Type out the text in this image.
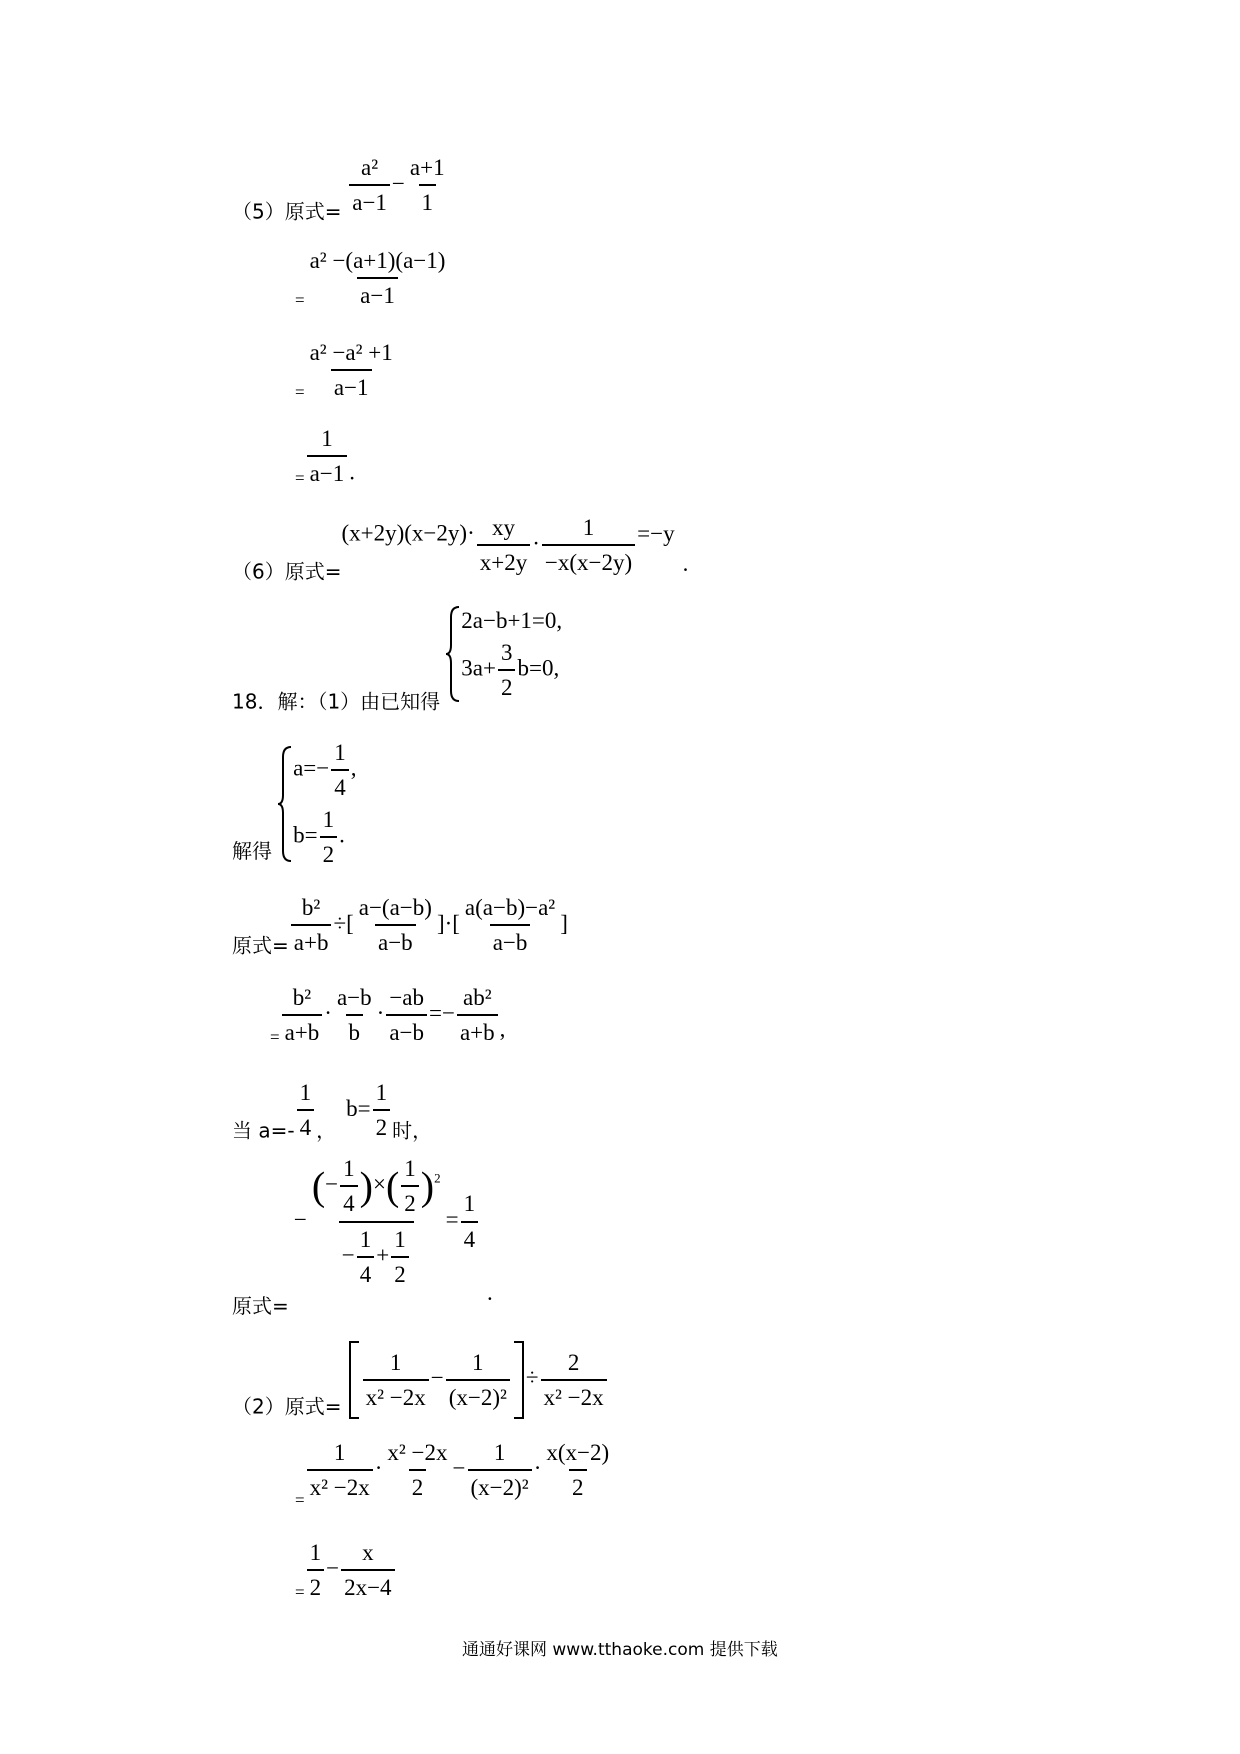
（5）原式= $\frac{\text{a²}}{a-1} - \frac{a+1}{1}$
$_= \frac{\text{a² −(a+1)(a−1)}}{a-1}$
$_= \frac{\text{a² −a² +1}}{a-1}$
$_= \frac{1}{a-1}$ .
（6）原式$=(x+2y)(x-2y)\cdot \frac{xy}{x+2y} \cdot \frac{1}{-x(x-2y)} =-y$.
18．解：（1）由已知得
2a−b+1=0,
$3a+ \frac{3}{2} b=0$,
解得
$a=- \frac{1}{4}$ ,
$b= \frac{1}{2}$ .
原式= $\frac{\text{b²}}{a+b}$ ÷[ $\frac{a-(a-b)}{a-b}$ ]·[ $\frac{\text{a(a−b)−a²}}{a-b}$ ]
$_= \frac{\text{b²}}{a+b} \cdot \frac{a-b}{b} \cdot \frac{-ab}{a-b} =- \frac{\text{ab²}}{a+b}$ ,
当 $a=- \frac{1}{4}$ ，$b= \frac{1}{2}$ 时，
原式= − $\frac{(- \frac{1}{4} )\times( \frac{1}{2} )^2}{- \frac{1}{4} + \frac{1}{2}} = \frac{1}{4}$
.
（2）原式= $\frac{1}{\text{x² −2x}} - \frac{1}{\text{(x−2)²}} \div \frac{2}{\text{x² −2x}}$
$_= \frac{1}{\text{x² −2x}} \cdot \frac{\text{x² −2x}}{2} - \frac{1}{\text{(x−2)²}} \cdot \frac{x(x-2)}{2}$
$_= \frac{1}{2} - \frac{x}{2x-4}$
通通好课网 www.tthaoke.com 提供下载
